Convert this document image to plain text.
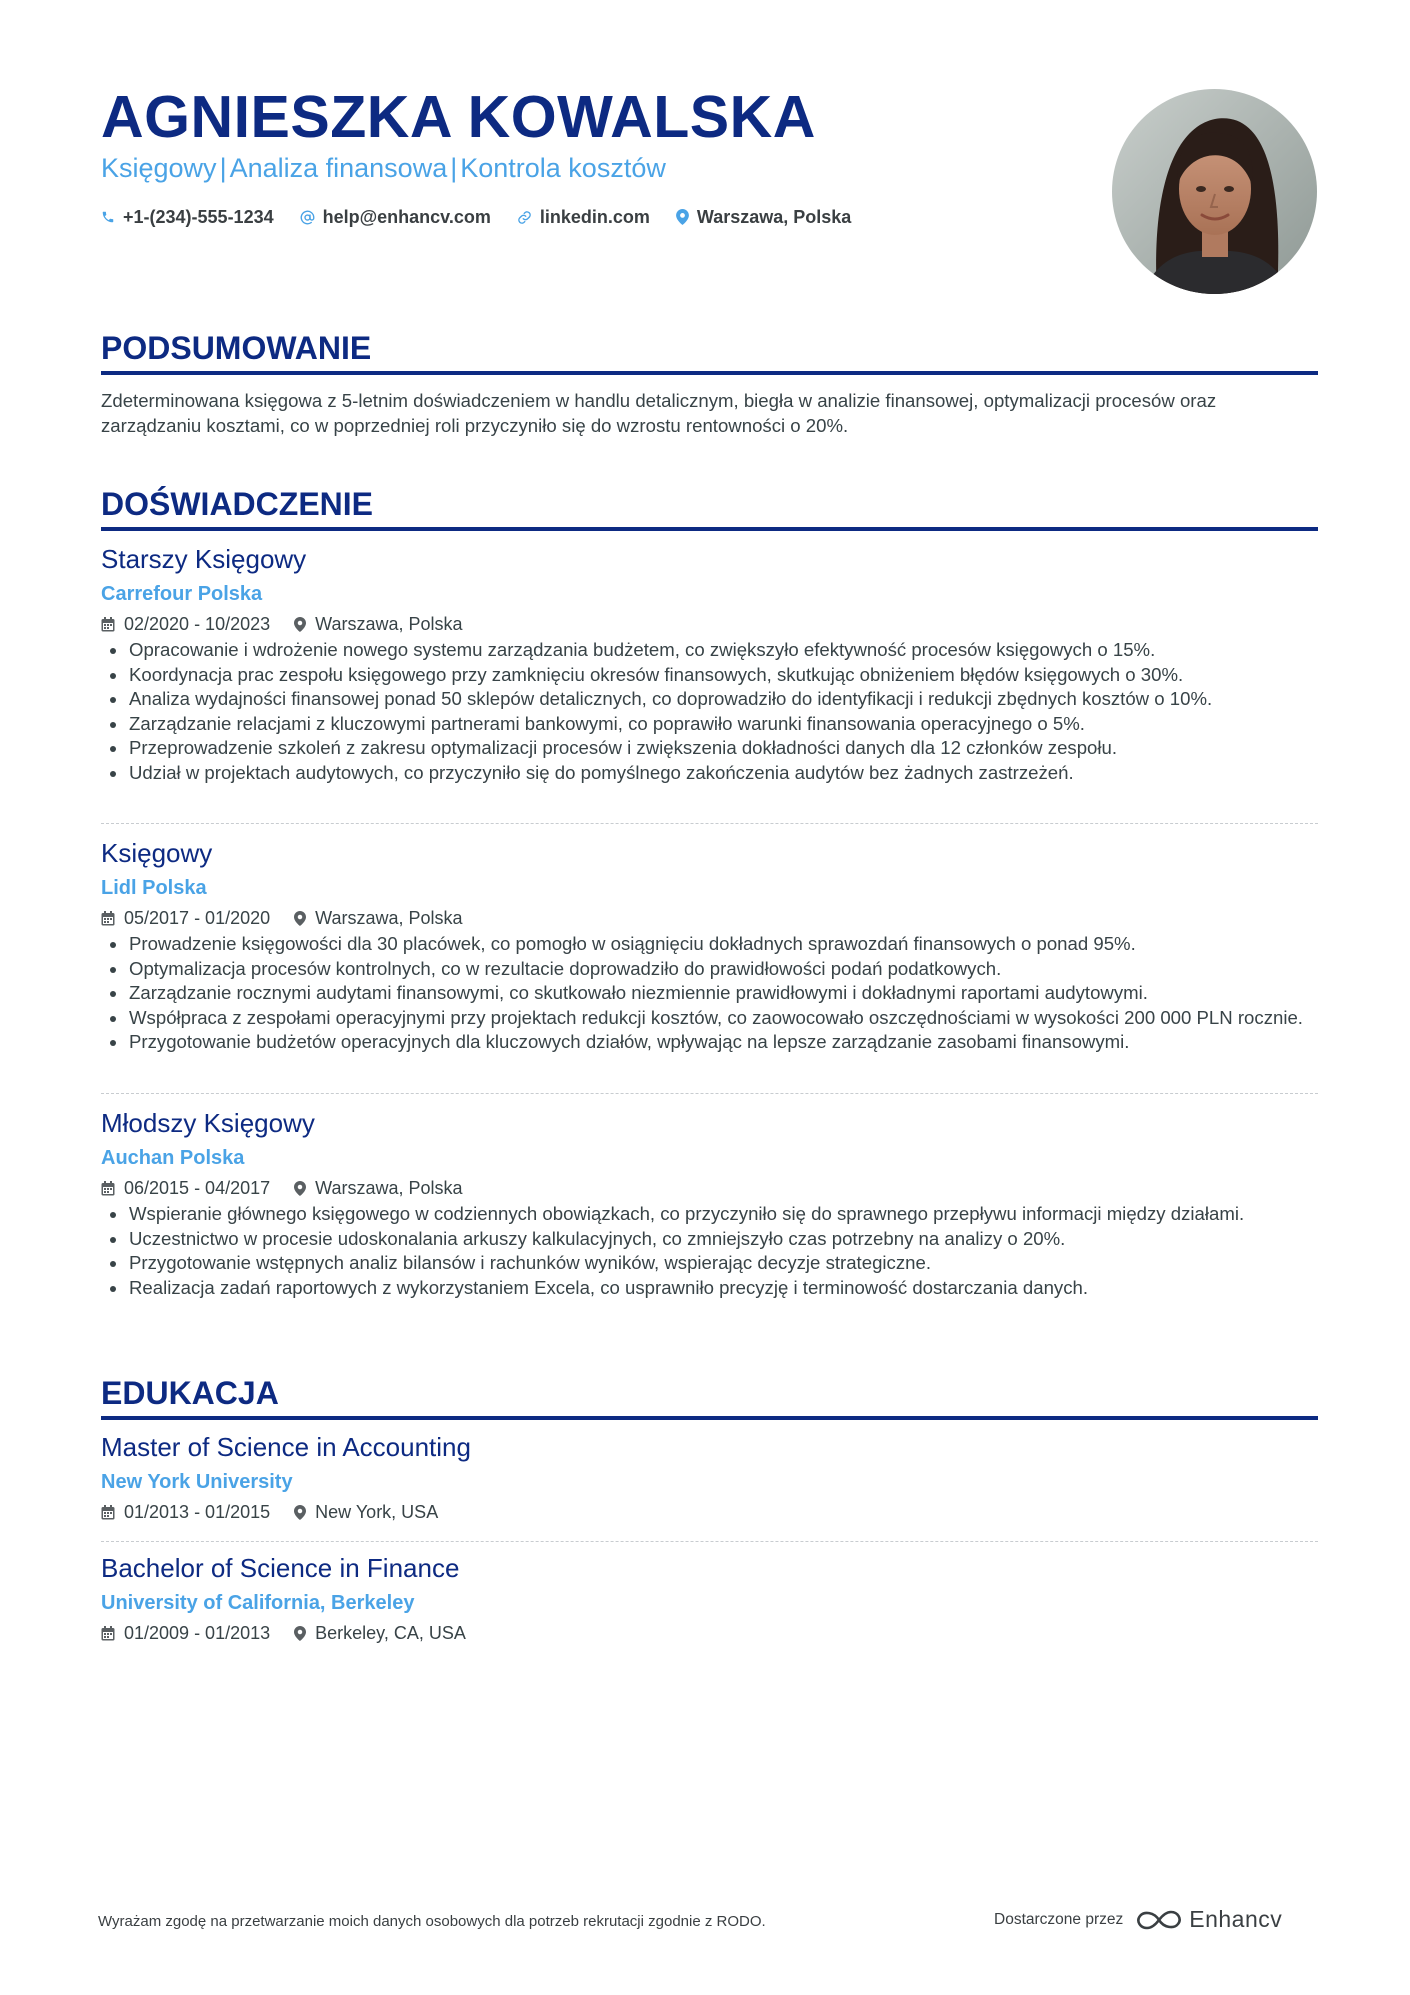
AGNIESZKA KOWALSKA
Księgowy | Analiza finansowa | Kontrola kosztów
+1-(234)-555-1234	help@enhancv.com	linkedin.com	Warszawa, Polska
PODSUMOWANIE

Zdeterminowana księgowa z 5-letnim doświadczeniem w handlu detalicznym, biegła w analizie finansowej, optymalizacji procesów oraz zarządzaniu kosztami, co w poprzedniej roli przyczyniło się do wzrostu rentowności o 20%.

DOŚWIADCZENIE
Starszy Księgowy
Carrefour Polska
02/2020 - 10/2023	Warszawa, Polska
• Opracowanie i wdrożenie nowego systemu zarządzania budżetem, co zwiększyło efektywność procesów księgowych o 15%.
• Koordynacja prac zespołu księgowego przy zamknięciu okresów finansowych, skutkując obniżeniem błędów księgowych o 30%.
• Analiza wydajności finansowej ponad 50 sklepów detalicznych, co doprowadziło do identyfikacji i redukcji zbędnych kosztów o 10%.
• Zarządzanie relacjami z kluczowymi partnerami bankowymi, co poprawiło warunki finansowania operacyjnego o 5%.
• Przeprowadzenie szkoleń z zakresu optymalizacji procesów i zwiększenia dokładności danych dla 12 członków zespołu.
• Udział w projektach audytowych, co przyczyniło się do pomyślnego zakończenia audytów bez żadnych zastrzeżeń.
Księgowy
Lidl Polska
05/2017 - 01/2020	Warszawa, Polska
• Prowadzenie księgowości dla 30 placówek, co pomogło w osiągnięciu dokładnych sprawozdań finansowych o ponad 95%.
• Optymalizacja procesów kontrolnych, co w rezultacie doprowadziło do prawidłowości podań podatkowych.
• Zarządzanie rocznymi audytami finansowymi, co skutkowało niezmiennie prawidłowymi i dokładnymi raportami audytowymi.
• Współpraca z zespołami operacyjnymi przy projektach redukcji kosztów, co zaowocowało oszczędnościami w wysokości 200 000 PLN rocznie.
• Przygotowanie budżetów operacyjnych dla kluczowych działów, wpływając na lepsze zarządzanie zasobami finansowymi.
Młodszy Księgowy
Auchan Polska
06/2015 - 04/2017	Warszawa, Polska
• Wspieranie głównego księgowego w codziennych obowiązkach, co przyczyniło się do sprawnego przepływu informacji między działami.
• Uczestnictwo w procesie udoskonalania arkuszy kalkulacyjnych, co zmniejszyło czas potrzebny na analizy o 20%.
• Przygotowanie wstępnych analiz bilansów i rachunków wyników, wspierając decyzje strategiczne.
• Realizacja zadań raportowych z wykorzystaniem Excela, co usprawniło precyzję i terminowość dostarczania danych.
EDUKACJA
Master of Science in Accounting
New York University
01/2013 - 01/2015	New York, USA
Bachelor of Science in Finance
University of California, Berkeley
01/2009 - 01/2013	Berkeley, CA, USA
Wyrażam zgodę na przetwarzanie moich danych osobowych dla potrzeb rekrutacji zgodnie z RODO.	Dostarczone przez	Enhancv
